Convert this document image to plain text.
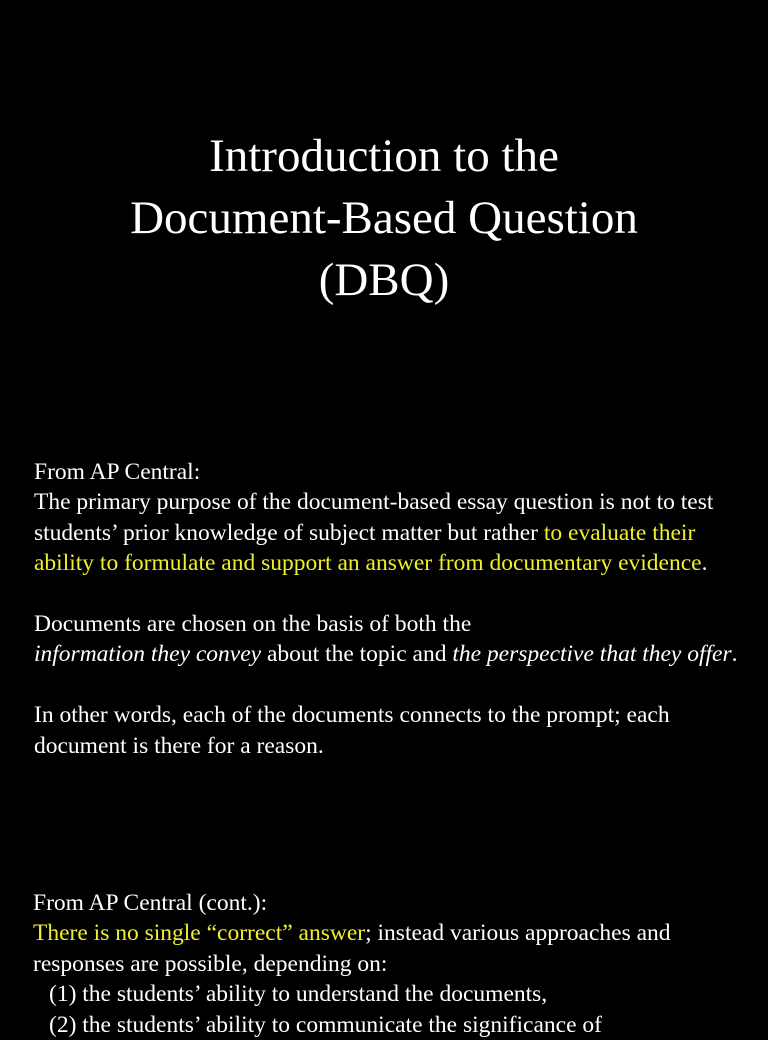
Introduction to the
Document-Based Question
(DBQ)

From AP Central:

The primary purpose of the document-based essay question is not to test students’ prior knowledge of subject matter but rather to evaluate their ability to formulate and support an answer from documentary evidence.

Documents are chosen on the basis of both the
information they convey about the topic and the perspective that they offer.

In other words, each of the documents connects to the prompt; each document is there for a reason.

From AP Central (cont.):

There is no single “correct” answer; instead various approaches and responses are possible, depending on:

(1) the students’ ability to understand the documents,

(2) the students’ ability to communicate the significance of
